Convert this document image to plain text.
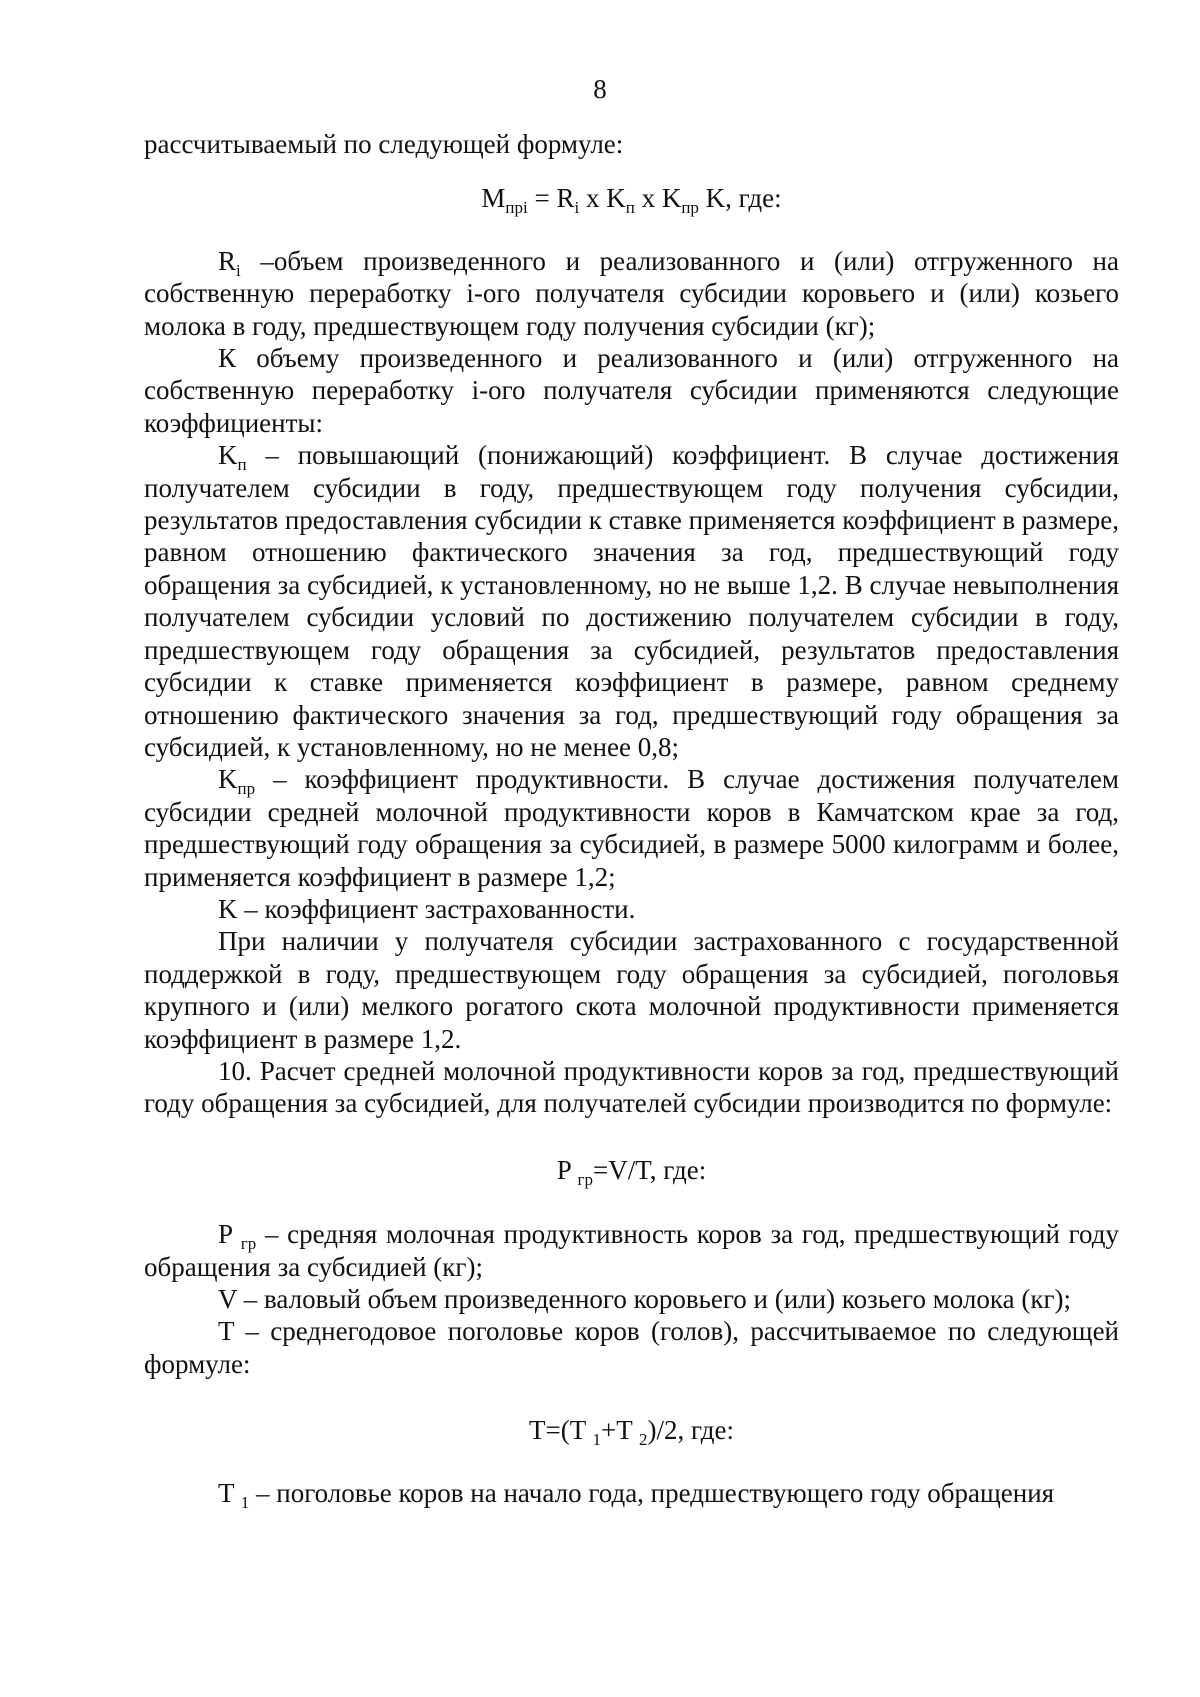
8

рассчитываемый по следующей формуле:

$M_{прi} = R_i$ х $K_п$ х $K_{пр}$ K, где:

$R_i$ –объем произведенного и реализованного и (или) отгруженного на собственную переработку i-ого получателя субсидии коровьего и (или) козьего молока в году, предшествующем году получения субсидии (кг);

К объему произведенного и реализованного и (или) отгруженного на собственную переработку i-ого получателя субсидии применяются следующие коэффициенты:

$K_п$ – повышающий (понижающий) коэффициент. В случае достижения получателем субсидии в году, предшествующем году получения субсидии, результатов предоставления субсидии к ставке применяется коэффициент в размере, равном отношению фактического значения за год, предшествующий году обращения за субсидией, к установленному, но не выше 1,2. В случае невыполнения получателем субсидии условий по достижению получателем субсидии в году, предшествующем году обращения за субсидией, результатов предоставления субсидии к ставке применяется коэффициент в размере, равном среднему отношению фактического значения за год, предшествующий году обращения за субсидией, к установленному, но не менее 0,8;

$K_{пр}$ – коэффициент продуктивности. В случае достижения получателем субсидии средней молочной продуктивности коров в Камчатском крае за год, предшествующий году обращения за субсидией, в размере 5000 килограмм и более, применяется коэффициент в размере 1,2;

K – коэффициент застрахованности.

При наличии у получателя субсидии застрахованного с государственной поддержкой в году, предшествующем году обращения за субсидией, поголовья крупного и (или) мелкого рогатого скота молочной продуктивности применяется коэффициент в размере 1,2.

10. Расчет средней молочной продуктивности коров за год, предшествующий году обращения за субсидией, для получателей субсидии производится по формуле:

P $_{гр}$=V/T, где:

P $_{гр}$ – средняя молочная продуктивность коров за год, предшествующий году обращения за субсидией (кг);

V – валовый объем произведенного коровьего и (или) козьего молока (кг);

T – среднегодовое поголовье коров (голов), рассчитываемое по следующей формуле:

T=(T $_1$+T $_2$)/2, где:

T $_1$ – поголовье коров на начало года, предшествующего году обращения
